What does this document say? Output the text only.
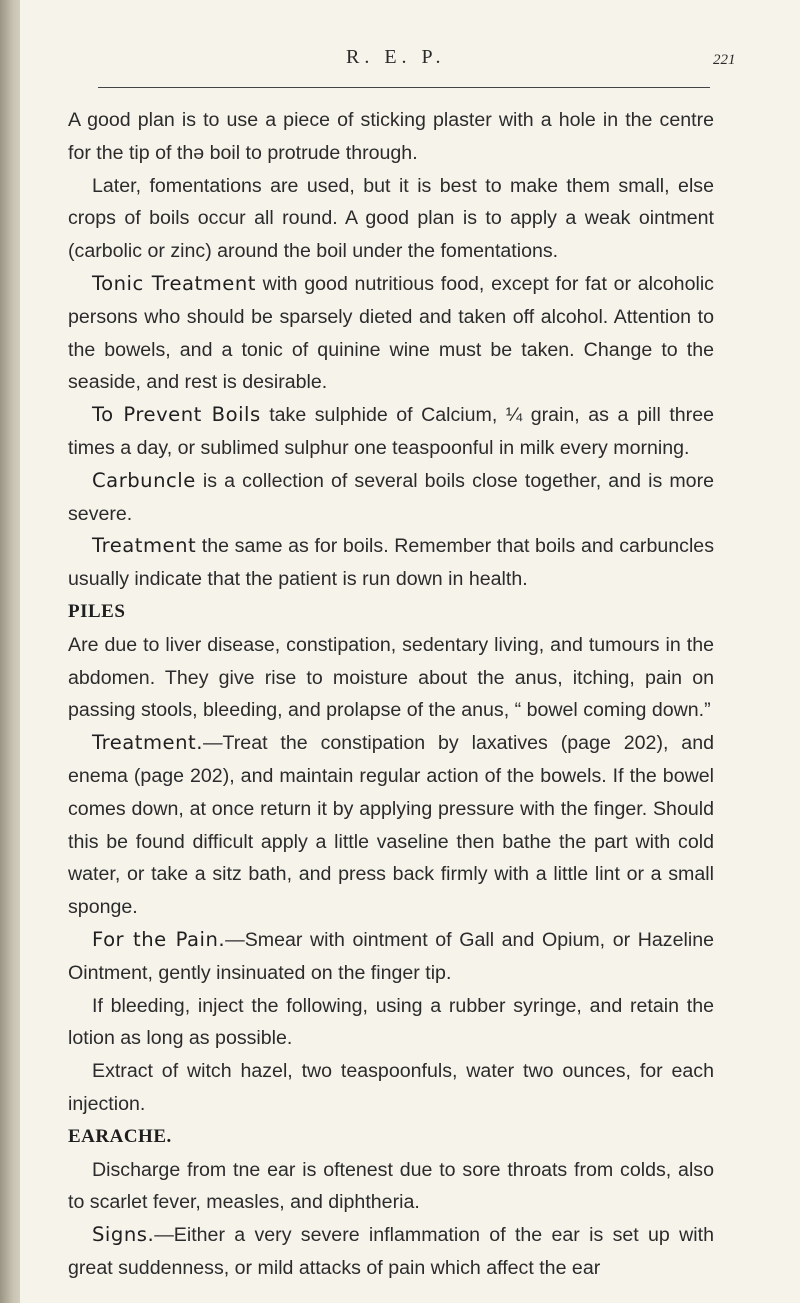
R. E. P.	221

A good plan is to use a piece of sticking plaster with a hole in the centre for the tip of thə boil to protrude through.

Later, fomentations are used, but it is best to make them small, else crops of boils occur all round. A good plan is to apply a weak ointment (carbolic or zinc) around the boil under the fomentations.

Tonic Treatment with good nutritious food, except for fat or alcoholic persons who should be sparsely dieted and taken off alcohol. Attention to the bowels, and a tonic of quinine wine must be taken. Change to the seaside, and rest is desirable.

To Prevent Boils take sulphide of Calcium, ¼ grain, as a pill three times a day, or sublimed sulphur one teaspoonful in milk every morning.

Carbuncle is a collection of several boils close together, and is more severe.

Treatment the same as for boils. Remember that boils and carbuncles usually indicate that the patient is run down in health.

PILES

Are due to liver disease, constipation, sedentary living, and tumours in the abdomen. They give rise to moisture about the anus, itching, pain on passing stools, bleeding, and prolapse of the anus, “ bowel coming down.”

Treatment.—Treat the constipation by laxatives (page 202), and enema (page 202), and maintain regular action of the bowels. If the bowel comes down, at once return it by applying pressure with the finger. Should this be found difficult apply a little vaseline then bathe the part with cold water, or take a sitz bath, and press back firmly with a little lint or a small sponge.

For the Pain.—Smear with ointment of Gall and Opium, or Hazeline Ointment, gently insinuated on the finger tip.

If bleeding, inject the following, using a rubber syringe, and retain the lotion as long as possible.

Extract of witch hazel, two teaspoonfuls, water two ounces, for each injection.

EARACHE.

Discharge from tne ear is oftenest due to sore throats from colds, also to scarlet fever, measles, and diphtheria.

Signs.—Either a very severe inflammation of the ear is set up with great suddenness, or mild attacks of pain which affect the ear
